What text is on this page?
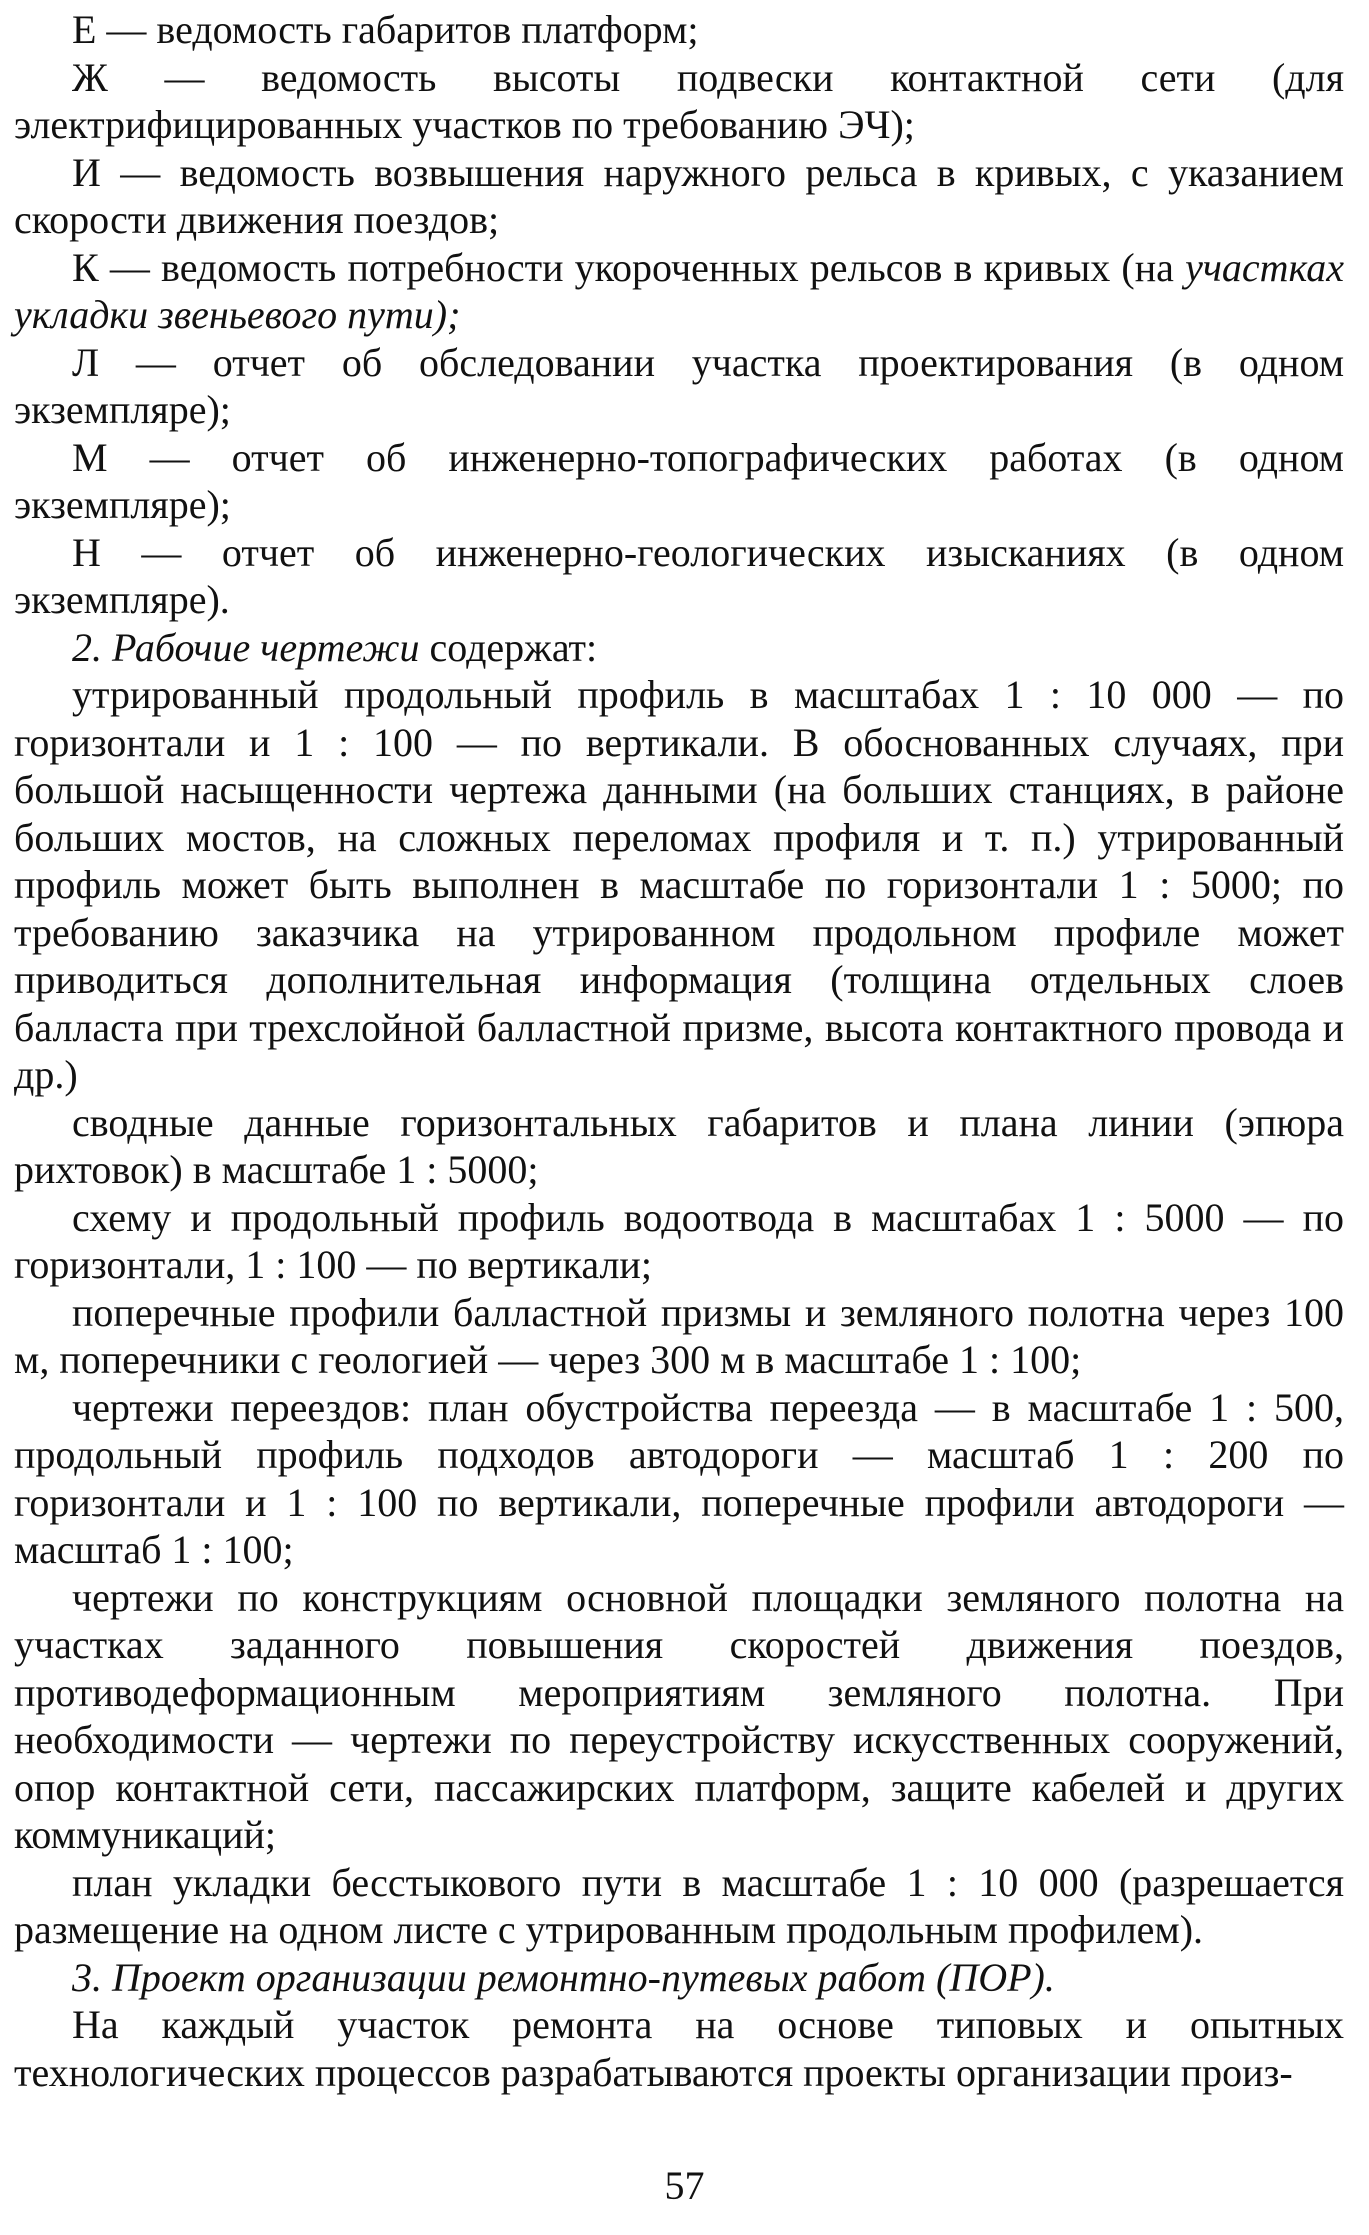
Е — ведомость габаритов платформ;

Ж — ведомость высоты подвески контактной сети (для электрифицированных участков по требованию ЭЧ);

И — ведомость возвышения наружного рельса в кривых, с указанием скорости движения поездов;

К — ведомость потребности укороченных рельсов в кривых (на участках укладки звеньевого пути);

Л — отчет об обследовании участка проектирования (в одном экземпляре);

М — отчет об инженерно-топографических работах (в одном экземпляре);

Н — отчет об инженерно-геологических изысканиях (в одном экземпляре).

2. Рабочие чертежи содержат:

утрированный продольный профиль в масштабах 1 : 10 000 — по горизонтали и 1 : 100 — по вертикали. В обоснованных случаях, при большой насыщенности чертежа данными (на больших станциях, в районе больших мостов, на сложных переломах профиля и т. п.) утрированный профиль может быть выполнен в масштабе по горизонтали 1 : 5000; по требованию заказчика на утрированном продольном профиле может приводиться дополнительная информация (толщина отдельных слоев балласта при трехслойной балластной призме, высота контактного провода и др.)

сводные данные горизонтальных габаритов и плана линии (эпюра рихтовок) в масштабе 1 : 5000;

схему и продольный профиль водоотвода в масштабах 1 : 5000 — по горизонтали, 1 : 100 — по вертикали;

поперечные профили балластной призмы и земляного полотна через 100 м, поперечники с геологией — через 300 м в масштабе 1 : 100;

чертежи переездов: план обустройства переезда — в масштабе 1 : 500, продольный профиль подходов автодороги — масштаб 1 : 200 по горизонтали и 1 : 100 по вертикали, поперечные профили автодороги — масштаб 1 : 100;

чертежи по конструкциям основной площадки земляного полотна на участках заданного повышения скоростей движения поездов, противодеформационным мероприятиям земляного полотна. При необходимости — чертежи по переустройству искусственных сооружений, опор контактной сети, пассажирских платформ, защите кабелей и других коммуникаций;

план укладки бесстыкового пути в масштабе 1 : 10 000 (разрешается размещение на одном листе с утрированным продольным профилем).

3. Проект организации ремонтно-путевых работ (ПОР).

На каждый участок ремонта на основе типовых и опытных технологических процессов разрабатываются проекты организации произ-

57
